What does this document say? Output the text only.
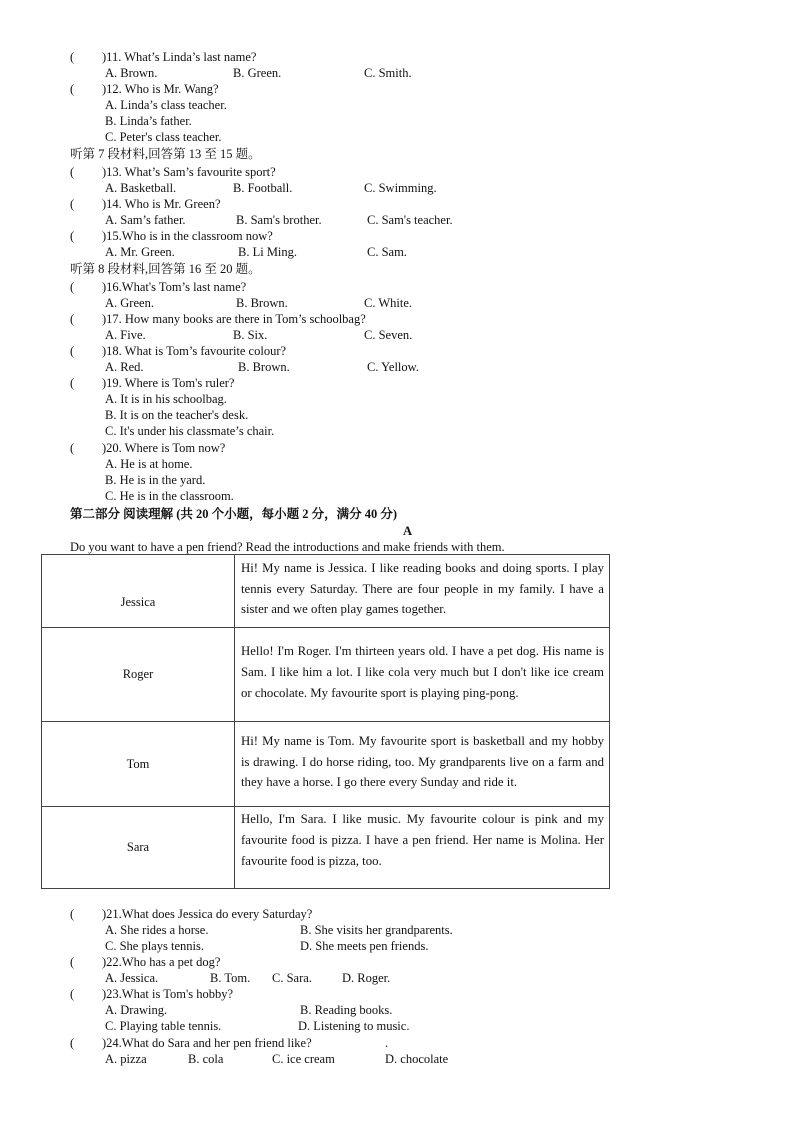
( )11. What’s Linda’s last name?
A. Brown.	B. Green.	C. Smith.
( )12. Who is Mr. Wang?
A. Linda’s class teacher.
B. Linda’s father.
C. Peter's class teacher.
听第 7 段材料,回答第 13 至 15 题。
( )13. What’s Sam’s favourite sport?
A. Basketball.	B. Football.	C. Swimming.
( )14. Who is Mr. Green?
A. Sam’s father.	B. Sam's brother.	C. Sam's teacher.
( )15.Who is in the classroom now?
A. Mr. Green.	B. Li Ming.	C. Sam.
听第 8 段材料,回答第 16 至 20 题。
( )16.What's Tom’s last name?
A. Green.	B. Brown.	C. White.
( )17. How many books are there in Tom’s schoolbag?
A. Five.	B. Six.	C. Seven.
( )18. What is Tom’s favourite colour?
A. Red.	B. Brown.	C. Yellow.
( )19. Where is Tom's ruler?
A. It is in his schoolbag.
B. It is on the teacher's desk.
C. It's under his classmate’s chair.
( )20. Where is Tom now?
A. He is at home.
B. He is in the yard.
C. He is in the classroom.
第二部分 阅读理解 (共 20 个小题，每小题 2 分，满分 40 分)
A
Do you want to have a pen friend? Read the introductions and make friends with them.
Jessica	Hi! My name is Jessica. I like reading books and doing sports. I play tennis every Saturday. There are four people in my family. I have a sister and we often play games together.
Roger	Hello! I'm Roger. I'm thirteen years old. I have a pet dog. His name is Sam. I like him a lot. I like cola very much but I don't like ice cream or chocolate. My favourite sport is playing ping-pong.
Tom	Hi! My name is Tom. My favourite sport is basketball and my hobby is drawing. I do horse riding, too. My grandparents live on a farm and they have a horse. I go there every Sunday and ride it.
Sara	Hello, I'm Sara. I like music. My favourite colour is pink and my favourite food is pizza. I have a pen friend. Her name is Molina. Her favourite food is pizza, too.
( )21.What does Jessica do every Saturday?
A. She rides a horse.	B. She visits her grandparents.
C. She plays tennis.	D. She meets pen friends.
( )22.Who has a pet dog?
A. Jessica.	B. Tom. C. Sara. D. Roger.
( )23.What is Tom's hobby?
A. Drawing.	B. Reading books.
C. Playing table tennis.	D. Listening to music.
( )24.What do Sara and her pen friend like?	.
A. pizza	B. cola	C. ice cream	D. chocolate
